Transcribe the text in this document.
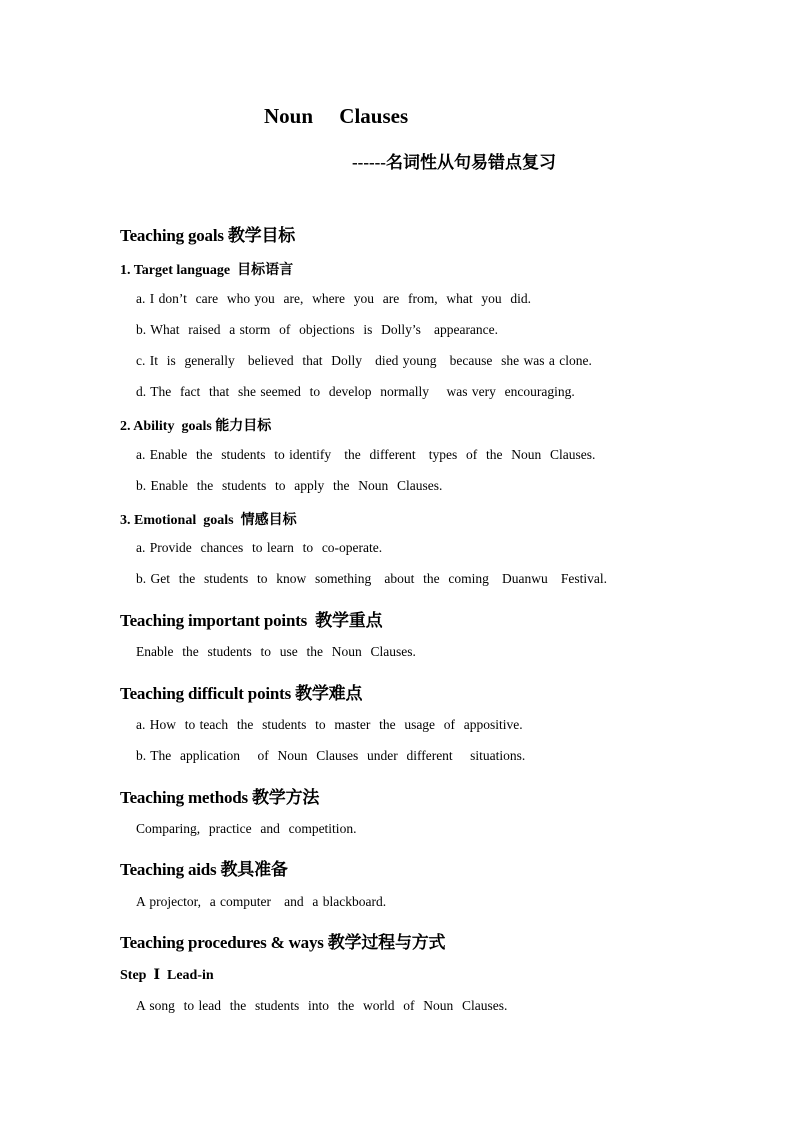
Noun     Clauses
------名词性从句易错点复习
Teaching goals 教学目标
1. Target language  目标语言
a. I don’t  care  who you  are,  where  you  are  from,  what  you  did.
b. What  raised  a storm  of  objections  is  Dolly’s   appearance.
c. It  is  generally   believed  that  Dolly   died young   because  she was a clone.
d. The  fact  that  she seemed  to  develop  normally    was very  encouraging.
2. Ability  goals 能力目标
a. Enable  the  students  to identify   the  different   types  of  the  Noun  Clauses.
b. Enable  the  students  to  apply  the  Noun  Clauses.
3. Emotional  goals  情感目标
a. Provide  chances  to learn  to  co-operate.
b. Get  the  students  to  know  something   about  the  coming   Duanwu   Festival.
Teaching important points  教学重点
Enable  the  students  to  use  the  Noun  Clauses.
Teaching difficult points 教学难点
a. How  to teach  the  students  to  master  the  usage  of  appositive.
b. The  application    of  Noun  Clauses  under  different    situations.
Teaching methods 教学方法
Comparing,  practice  and  competition.
Teaching aids 教具准备
A projector,  a computer   and  a blackboard.
Teaching procedures & ways 教学过程与方式
Step  Ⅰ  Lead-in
A song  to lead  the  students  into  the  world  of  Noun  Clauses.
